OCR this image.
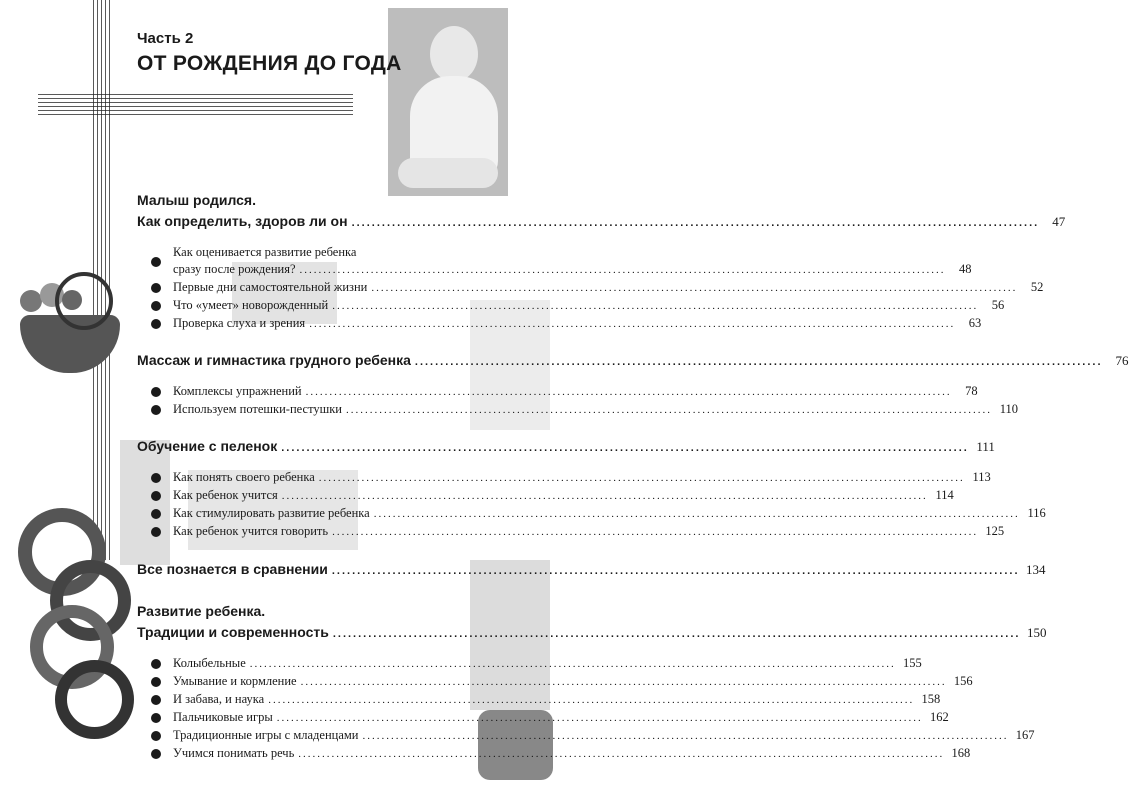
Часть 2
ОТ РОЖДЕНИЯ ДО ГОДА
Малыш родился.
Как определить, здоров ли он .....	47
Как оценивается развитие ребенка
сразу после рождения? .....	48
Первые дни самостоятельной жизни .....	52
Что «умеет» новорожденный .....	56
Проверка слуха и зрения .....	63
Массаж и гимнастика грудного ребенка .....	76
Комплексы упражнений .....	78
Используем потешки-пестушки .....	110
Обучение с пеленок .....	111
Как понять своего ребенка .....	113
Как ребенок учится .....	114
Как стимулировать развитие ребенка .....	116
Как ребенок учится говорить .....	125
Все познается в сравнении .....	134
Развитие ребенка.
Традиции и современность .....	150
Колыбельные .....	155
Умывание и кормление .....	156
И забава, и наука .....	158
Пальчиковые игры .....	162
Традиционные игры с младенцами .....	167
Учимся понимать речь .....	168
